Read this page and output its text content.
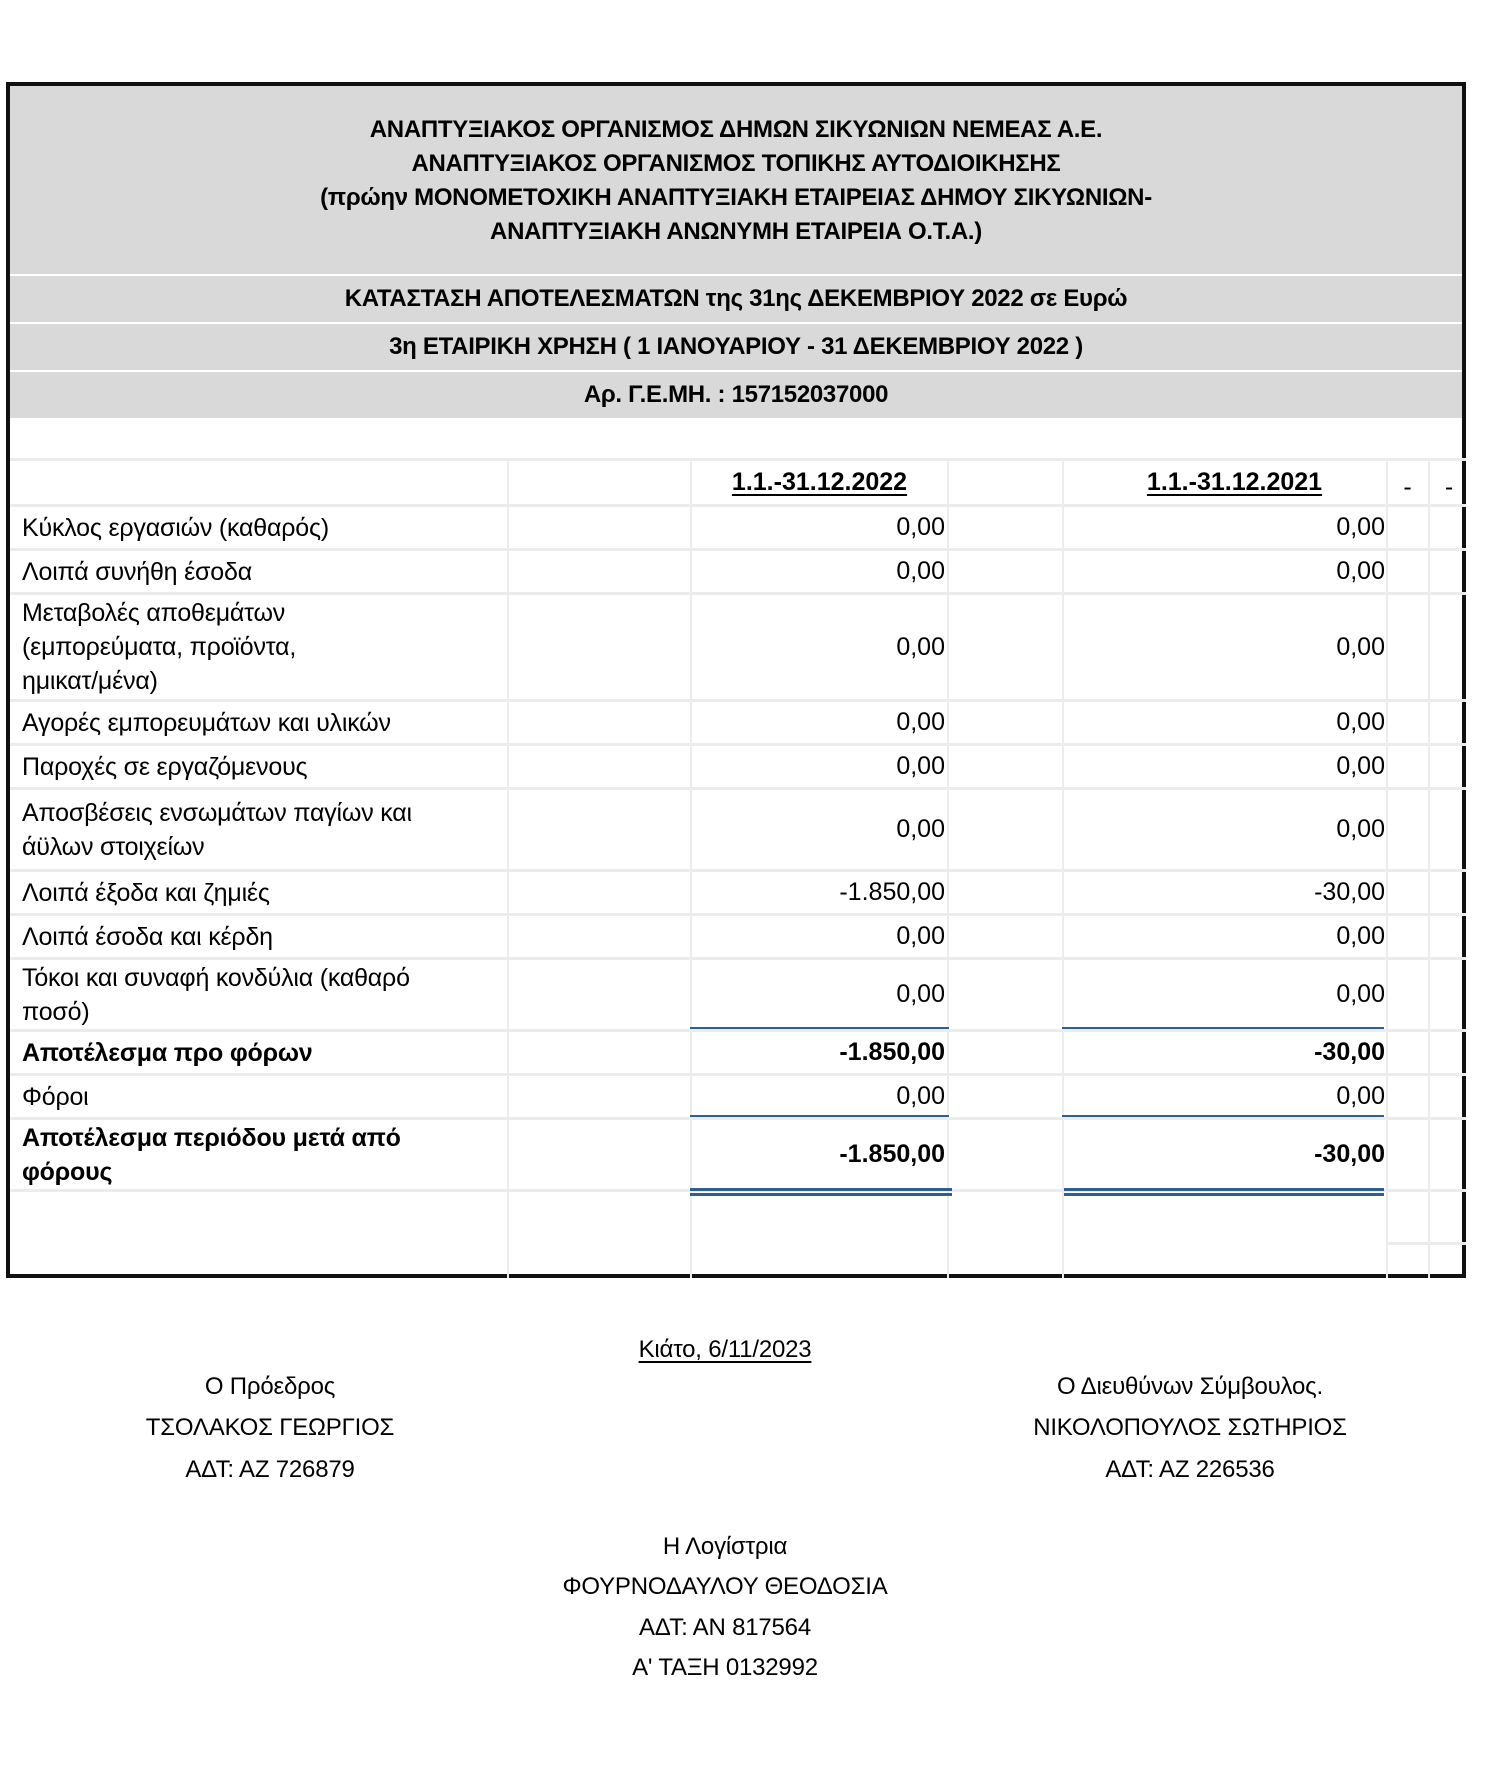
ΑΝΑΠΤΥΞΙΑΚΟΣ ΟΡΓΑΝΙΣΜΟΣ ΔΗΜΩΝ ΣΙΚΥΩΝΙΩΝ ΝΕΜΕΑΣ Α.Ε.
ΑΝΑΠΤΥΞΙΑΚΟΣ ΟΡΓΑΝΙΣΜΟΣ ΤΟΠΙΚΗΣ ΑΥΤΟΔΙΟΙΚΗΣΗΣ
(πρώην ΜΟΝΟΜΕΤΟΧΙΚΗ ΑΝΑΠΤΥΞΙΑΚΗ ΕΤΑΙΡΕΙΑΣ ΔΗΜΟΥ ΣΙΚΥΩΝΙΩΝ-
ΑΝΑΠΤΥΞΙΑΚΗ ΑΝΩΝΥΜΗ ΕΤΑΙΡΕΙΑ Ο.Τ.Α.)
ΚΑΤΑΣΤΑΣΗ ΑΠΟΤΕΛΕΣΜΑΤΩΝ της 31ης ΔΕΚΕΜΒΡΙΟΥ 2022 σε Ευρώ
3η ΕΤΑΙΡΙΚΗ ΧΡΗΣΗ ( 1 ΙΑΝΟΥΑΡΙΟΥ - 31 ΔΕΚΕΜΒΡΙΟΥ 2022 )
Αρ. Γ.Ε.ΜΗ. : 157152037000
1.1.-31.12.2022	1.1.-31.12.2021	-	-
Κύκλος εργασιών (καθαρός)	0,00	0,00
Λοιπά συνήθη έσοδα	0,00	0,00
Μεταβολές αποθεμάτων (εμπορεύματα, προϊόντα, ημικατ/μένα)
0,00	0,00
Αγορές εμπορευμάτων και υλικών	0,00	0,00
Παροχές σε εργαζόμενους	0,00	0,00
Αποσβέσεις ενσωμάτων παγίων και άϋλων στοιχείων
0,00	0,00
Λοιπά έξοδα και ζημιές	-1.850,00	-30,00
Λοιπά έσοδα και κέρδη	0,00	0,00
Τόκοι και συναφή κονδύλια (καθαρό ποσό)
0,00	0,00
Αποτέλεσμα προ φόρων	-1.850,00	-30,00
Φόροι	0,00	0,00
Αποτέλεσμα περιόδου μετά από φόρους
-1.850,00	-30,00
Κιάτο, 6/11/2023
Ο Πρόεδρος
ΤΣΟΛΑΚΟΣ ΓΕΩΡΓΙΟΣ
ΑΔΤ: ΑΖ 726879
Ο Διευθύνων Σύμβουλος.
ΝΙΚΟΛΟΠΟΥΛΟΣ ΣΩΤΗΡΙΟΣ
ΑΔΤ: ΑΖ 226536
Η Λογίστρια
ΦΟΥΡΝΟΔΑΥΛΟΥ ΘΕΟΔΟΣΙΑ
ΑΔΤ: ΑΝ 817564
Α' ΤΑΞΗ 0132992
